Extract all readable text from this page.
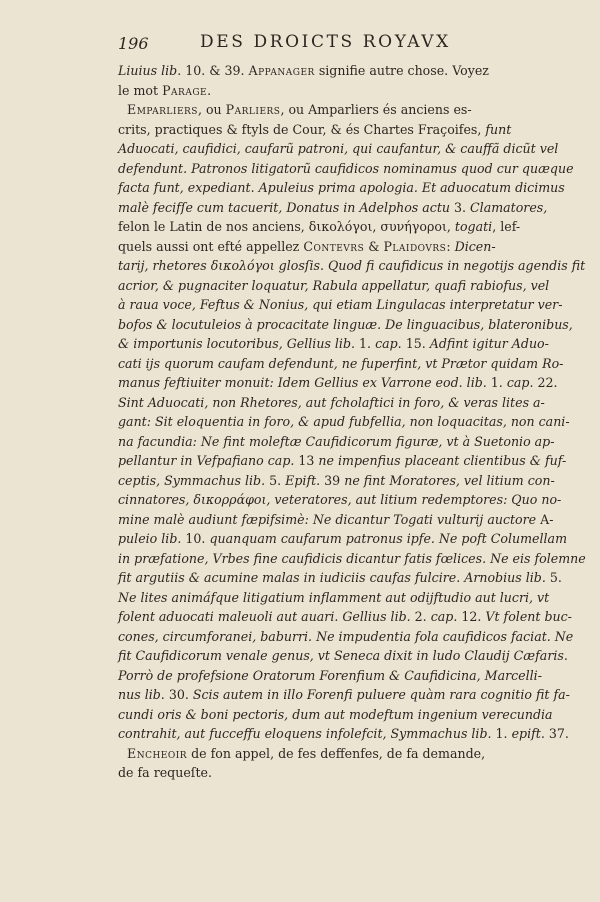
196	DES DROICTS ROYAVX
Liuius lib. 10. & 39. Appanager signifie autre chose. Voyez
le mot Parage.
Emparliers, ou Parliers, ou Amparliers és anciens es-
crits, practiques & ftyls de Cour, & és Chartes Fraçoifes, funt
Aduocati, caufidici, caufarũ patroni, qui caufantur, & cauffã dicũt vel
defendunt. Patronos litigatorũ caufidicos nominamus quod cur quæque
facta funt, expediant. Apuleius prima apologia. Et aduocatum dicimus
malè fecifſe cum tacuerit, Donatus in Adelphos actu 3. Clamatores,
felon le Latin de nos anciens, δικολόγοι, συνήγοροι, togati, lef-
quels aussi ont efté appellez Contevrs & Plaidovrs: Dicen-
tarij, rhetores δικολόγοι glosſis. Quod fi caufidicus in negotijs agendis fit
acrior, & pugnaciter loquatur, Rabula appellatur, quafi rabiofus, vel
à raua voce, Feftus & Nonius, qui etiam Lingulacas interpretatur ver-
bofos & locutuleios à procacitate linguæ. De linguacibus, blateronibus,
& importunis locutoribus, Gellius lib. 1. cap. 15. Adfint igitur Aduo-
cati ijs quorum caufam defendunt, ne fuperfint, vt Prætor quidam Ro-
manus feftiuiter monuit: Idem Gellius ex Varrone eod. lib. 1. cap. 22.
Sint Aduocati, non Rhetores, aut fcholaftici in foro, & veras lites a-
gant: Sit eloquentia in foro, & apud fubfellia, non loquacitas, non cani-
na facundia: Ne fint moleftæ Caufidicorum figuræ, vt à Suetonio ap-
pellantur in Vefpafiano cap. 13 ne impenfius placeant clientibus & fuf-
ceptis, Symmachus lib. 5. Epift. 39 ne fint Moratores, vel litium con-
cinnatores, δικορράφοι, veteratores, aut litium redemptores: Quo no-
mine malè audiunt fæpifsimè: Ne dicantur Togati vulturij auctore A-
puleio lib. 10. quanquam caufarum patronus ipfe. Ne poft Columellam
in præfatione, Vrbes fine caufidicis dicantur fatis fœlices. Ne eis folemne
fit argutiis & acumine malas in iudiciis caufas fulcire. Arnobius lib. 5.
Ne lites animáfque litigatium inflamment aut odijftudio aut lucri, vt
folent aduocati maleuoli aut auari. Gellius lib. 2. cap. 12. Vt folent buc-
cones, circumforanei, baburri. Ne impudentia fola caufidicos faciat. Ne
fit Caufidicorum venale genus, vt Seneca dixit in ludo Claudij Cæfaris.
Porrò de profefsione Oratorum Forenfium & Caufidicina, Marcelli-
nus lib. 30. Scis autem in illo Forenfi puluere quàm rara cognitio fit fa-
cundi oris & boni pectoris, dum aut modeftum ingenium verecundia
contrahit, aut fucceffu eloquens infolefcit, Symmachus lib. 1. epift. 37.
Encheoir de fon appel, de fes deffenfes, de fa demande,
de fa requeſte.
